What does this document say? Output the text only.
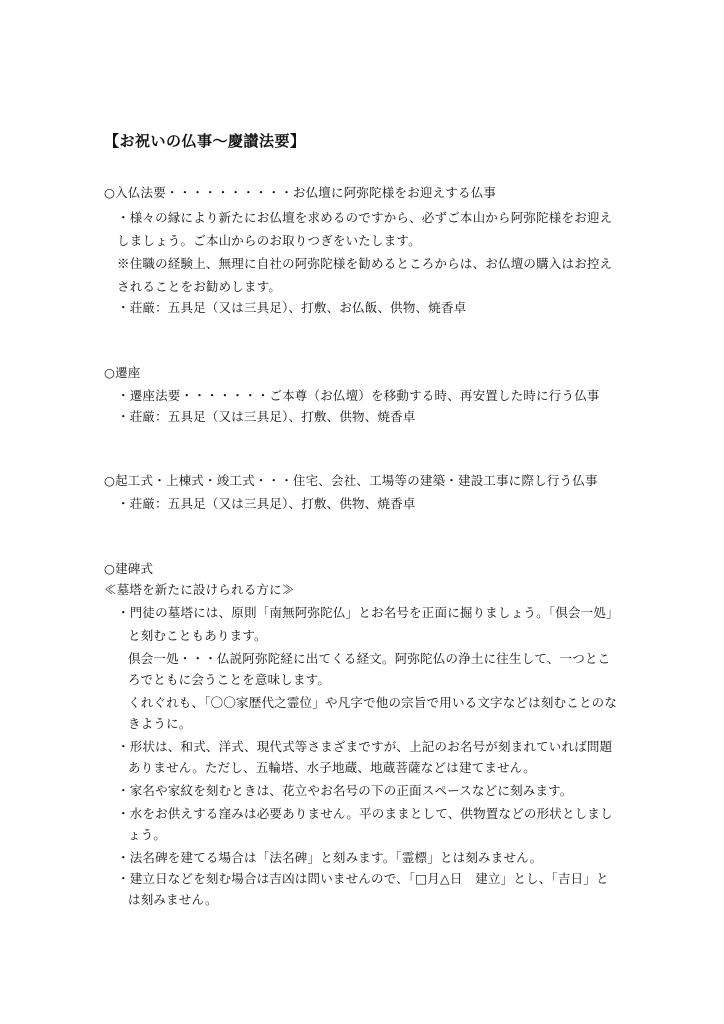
【お祝いの仏事〜慶讃法要】
○入仏法要・・・・・・・・・・お仏壇に阿弥陀様をお迎えする仏事
・様々の縁により新たにお仏壇を求めるのですから、必ずご本山から阿弥陀様をお迎え
しましょう。ご本山からのお取りつぎをいたします。
※住職の経験上、無理に自社の阿弥陀様を勧めるところからは、お仏壇の購入はお控え
されることをお勧めします。
・荘厳：五具足（又は三具足）、打敷、お仏飯、供物、焼香卓
○遷座
・遷座法要・・・・・・・ご本尊（お仏壇）を移動する時、再安置した時に行う仏事
・荘厳：五具足（又は三具足）、打敷、供物、焼香卓
○起工式・上棟式・竣工式・・・住宅、会社、工場等の建築・建設工事に際し行う仏事
・荘厳：五具足（又は三具足）、打敷、供物、焼香卓
○建碑式
≪墓塔を新たに設けられる方に≫
・門徒の墓塔には、原則「南無阿弥陀仏」とお名号を正面に掘りましょう。「倶会一処」
と刻むこともあります。
倶会一処・・・仏説阿弥陀経に出てくる経文。阿弥陀仏の浄土に往生して、一つとこ
ろでともに会うことを意味します。
くれぐれも、「〇〇家歴代之霊位」や凡字で他の宗旨で用いる文字などは刻むことのな
きように。
・形状は、和式、洋式、現代式等さまざまですが、上記のお名号が刻まれていれば問題
ありません。ただし、五輪塔、水子地蔵、地蔵菩薩などは建てません。
・家名や家紋を刻むときは、花立やお名号の下の正面スペースなどに刻みます。
・水をお供えする窪みは必要ありません。平のままとして、供物置などの形状としまし
ょう。
・法名碑を建てる場合は「法名碑」と刻みます。「霊標」とは刻みません。
・建立日などを刻む場合は吉凶は問いませんので、「□月△日　建立」とし、「吉日」と
は刻みません。
